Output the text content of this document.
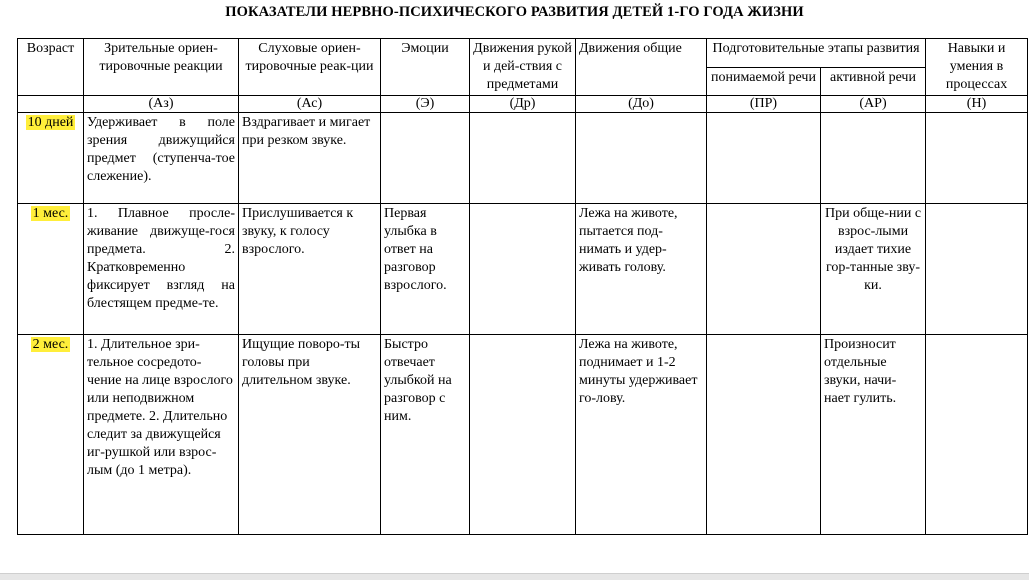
ПОКАЗАТЕЛИ НЕРВНО-ПСИХИЧЕСКОГО РАЗВИТИЯ ДЕТЕЙ 1-ГО ГОДА ЖИЗНИ
Возраст	Зрительные ориен-тировочные реакции	Слуховые ориен-тировочные реак-ции	Эмоции	Движения рукой и дей-ствия с предметами	Движения общие	Подготовительные этапы развития		Навыки и умения в процессах
						понимаемой речи	активной речи	
	(Аз)	(Ас)	(Э)	(Др)	(До)	(ПР)	(АР)	(Н)
10 дней	Удерживает в поле зрения движущийся предмет (ступенча-тое слежение).	Вздрагивает и мигает при резком звуке.						
1 мес.	1. Плавное просле-живание движуще-гося предмета. 2. Кратковременно фиксирует взгляд на блестящем предме-те.	Прислушивается к звуку, к голосу взрослого.	Первая улыбка в ответ на разговор взрослого.		Лежа на животе, пытается под-нимать и удер-живать голову.		При обще-нии с взрос-лыми издает тихие гор-танные зву-ки.	
2 мес.	1. Длительное зри-тельное сосредото-чение на лице взрослого или неподвижном предмете. 2. Длительно следит за движущейся иг-рушкой или взрос-лым (до 1 метра).	Ищущие поворо-ты головы при длительном звуке.	Быстро отвечает улыбкой на разговор с ним.		Лежа на животе, поднимает и 1-2 минуты удерживает го-лову.		Произносит отдельные звуки, начи-нает гулить.	
